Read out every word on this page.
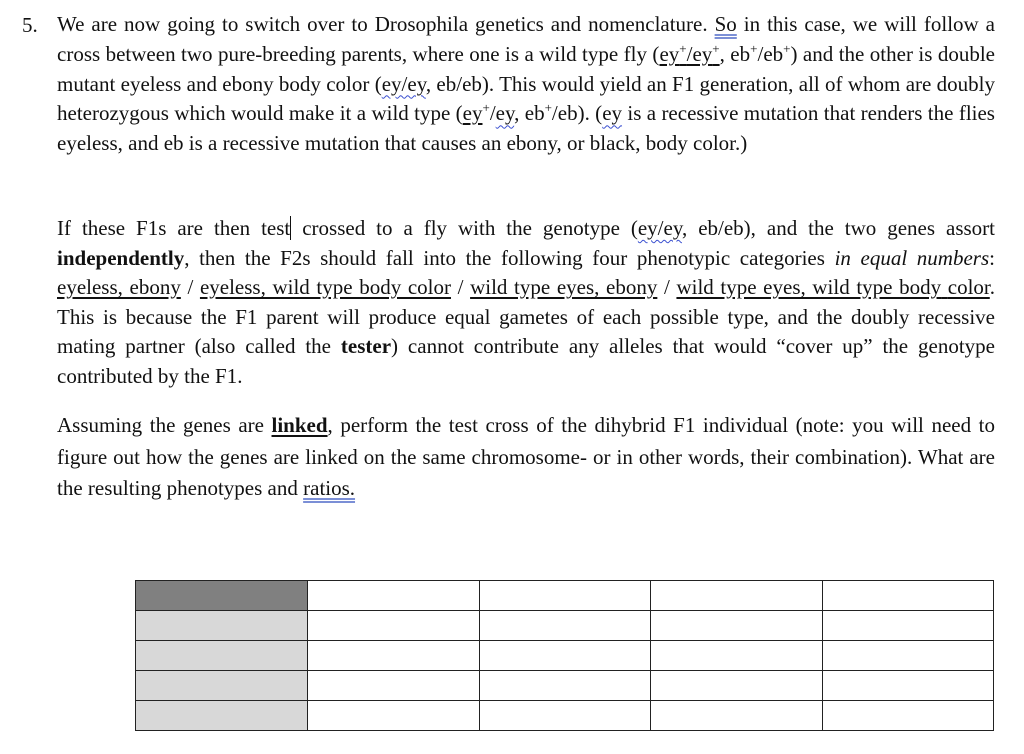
5. We are now going to switch over to Drosophila genetics and nomenclature. So in this case, we will follow a cross between two pure-breeding parents, where one is a wild type fly (ey+/ey+, eb+/eb+) and the other is double mutant eyeless and ebony body color (ey/ey, eb/eb). This would yield an F1 generation, all of whom are doubly heterozygous which would make it a wild type (ey+/ey, eb+/eb). (ey is a recessive mutation that renders the flies eyeless, and eb is a recessive mutation that causes an ebony, or black, body color.)
If these F1s are then test crossed to a fly with the genotype (ey/ey, eb/eb), and the two genes assort independently, then the F2s should fall into the following four phenotypic categories in equal numbers: eyeless, ebony / eyeless, wild type body color / wild type eyes, ebony / wild type eyes, wild type body color. This is because the F1 parent will produce equal gametes of each possible type, and the doubly recessive mating partner (also called the tester) cannot contribute any alleles that would “cover up” the genotype contributed by the F1.
Assuming the genes are linked, perform the test cross of the dihybrid F1 individual (note: you will need to figure out how the genes are linked on the same chromosome- or in other words, their combination). What are the resulting phenotypes and ratios.
